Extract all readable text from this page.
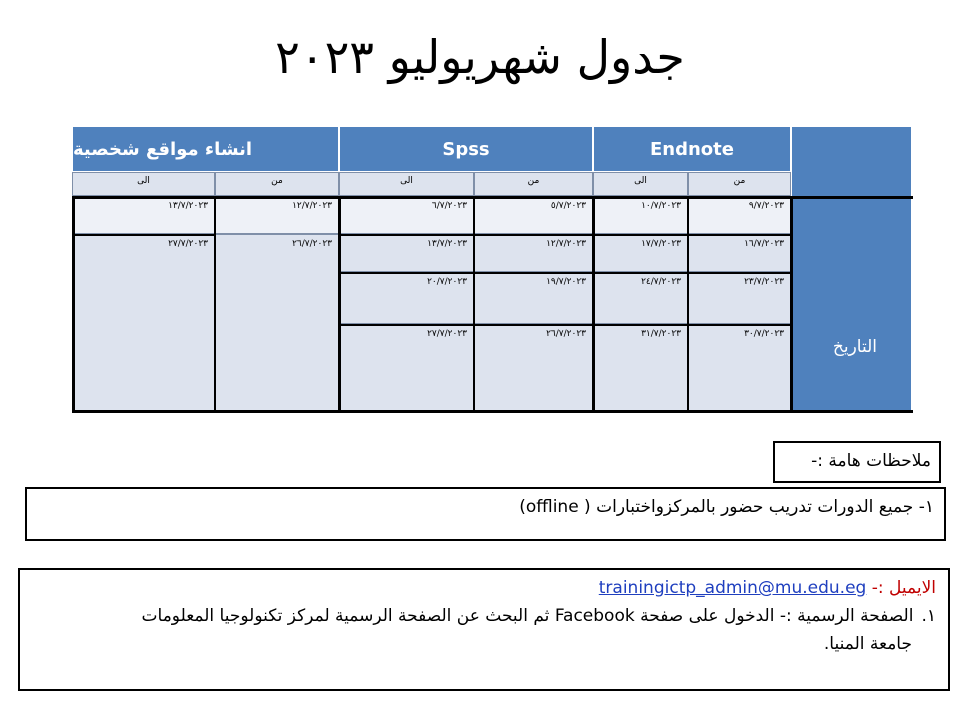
جدول شهريوليو ٢٠٢٣
التاريخ
Endnote
Spss
انشاء مواقع شخصية
من
الى
من
الى
من
الى
٩/٧/٢٠٢٣
١٠/٧/٢٠٢٣
١٦/٧/٢٠٢٣
١٧/٧/٢٠٢٣
٢٣/٧/٢٠٢٣
٢٤/٧/٢٠٢٣
٣٠/٧/٢٠٢٣
٣١/٧/٢٠٢٣
٥/٧/٢٠٢٣
٦/٧/٢٠٢٣
١٢/٧/٢٠٢٣
١٣/٧/٢٠٢٣
١٩/٧/٢٠٢٣
٢٠/٧/٢٠٢٣
٢٦/٧/٢٠٢٣
٢٧/٧/٢٠٢٣
١٢/٧/٢٠٢٣
١٣/٧/٢٠٢٣
٢٦/٧/٢٠٢٣
٢٧/٧/٢٠٢٣
ملاحظات هامة :-
١- جميع الدورات تدريب حضور بالمركزواختبارات ( offline)
الايميل :- trainingictp_admin@mu.edu.eg
١.الصفحة الرسمية :- الدخول على صفحة Facebook ثم البحث عن الصفحة الرسمية لمركز تكنولوجيا المعلومات
جامعة المنيا.
